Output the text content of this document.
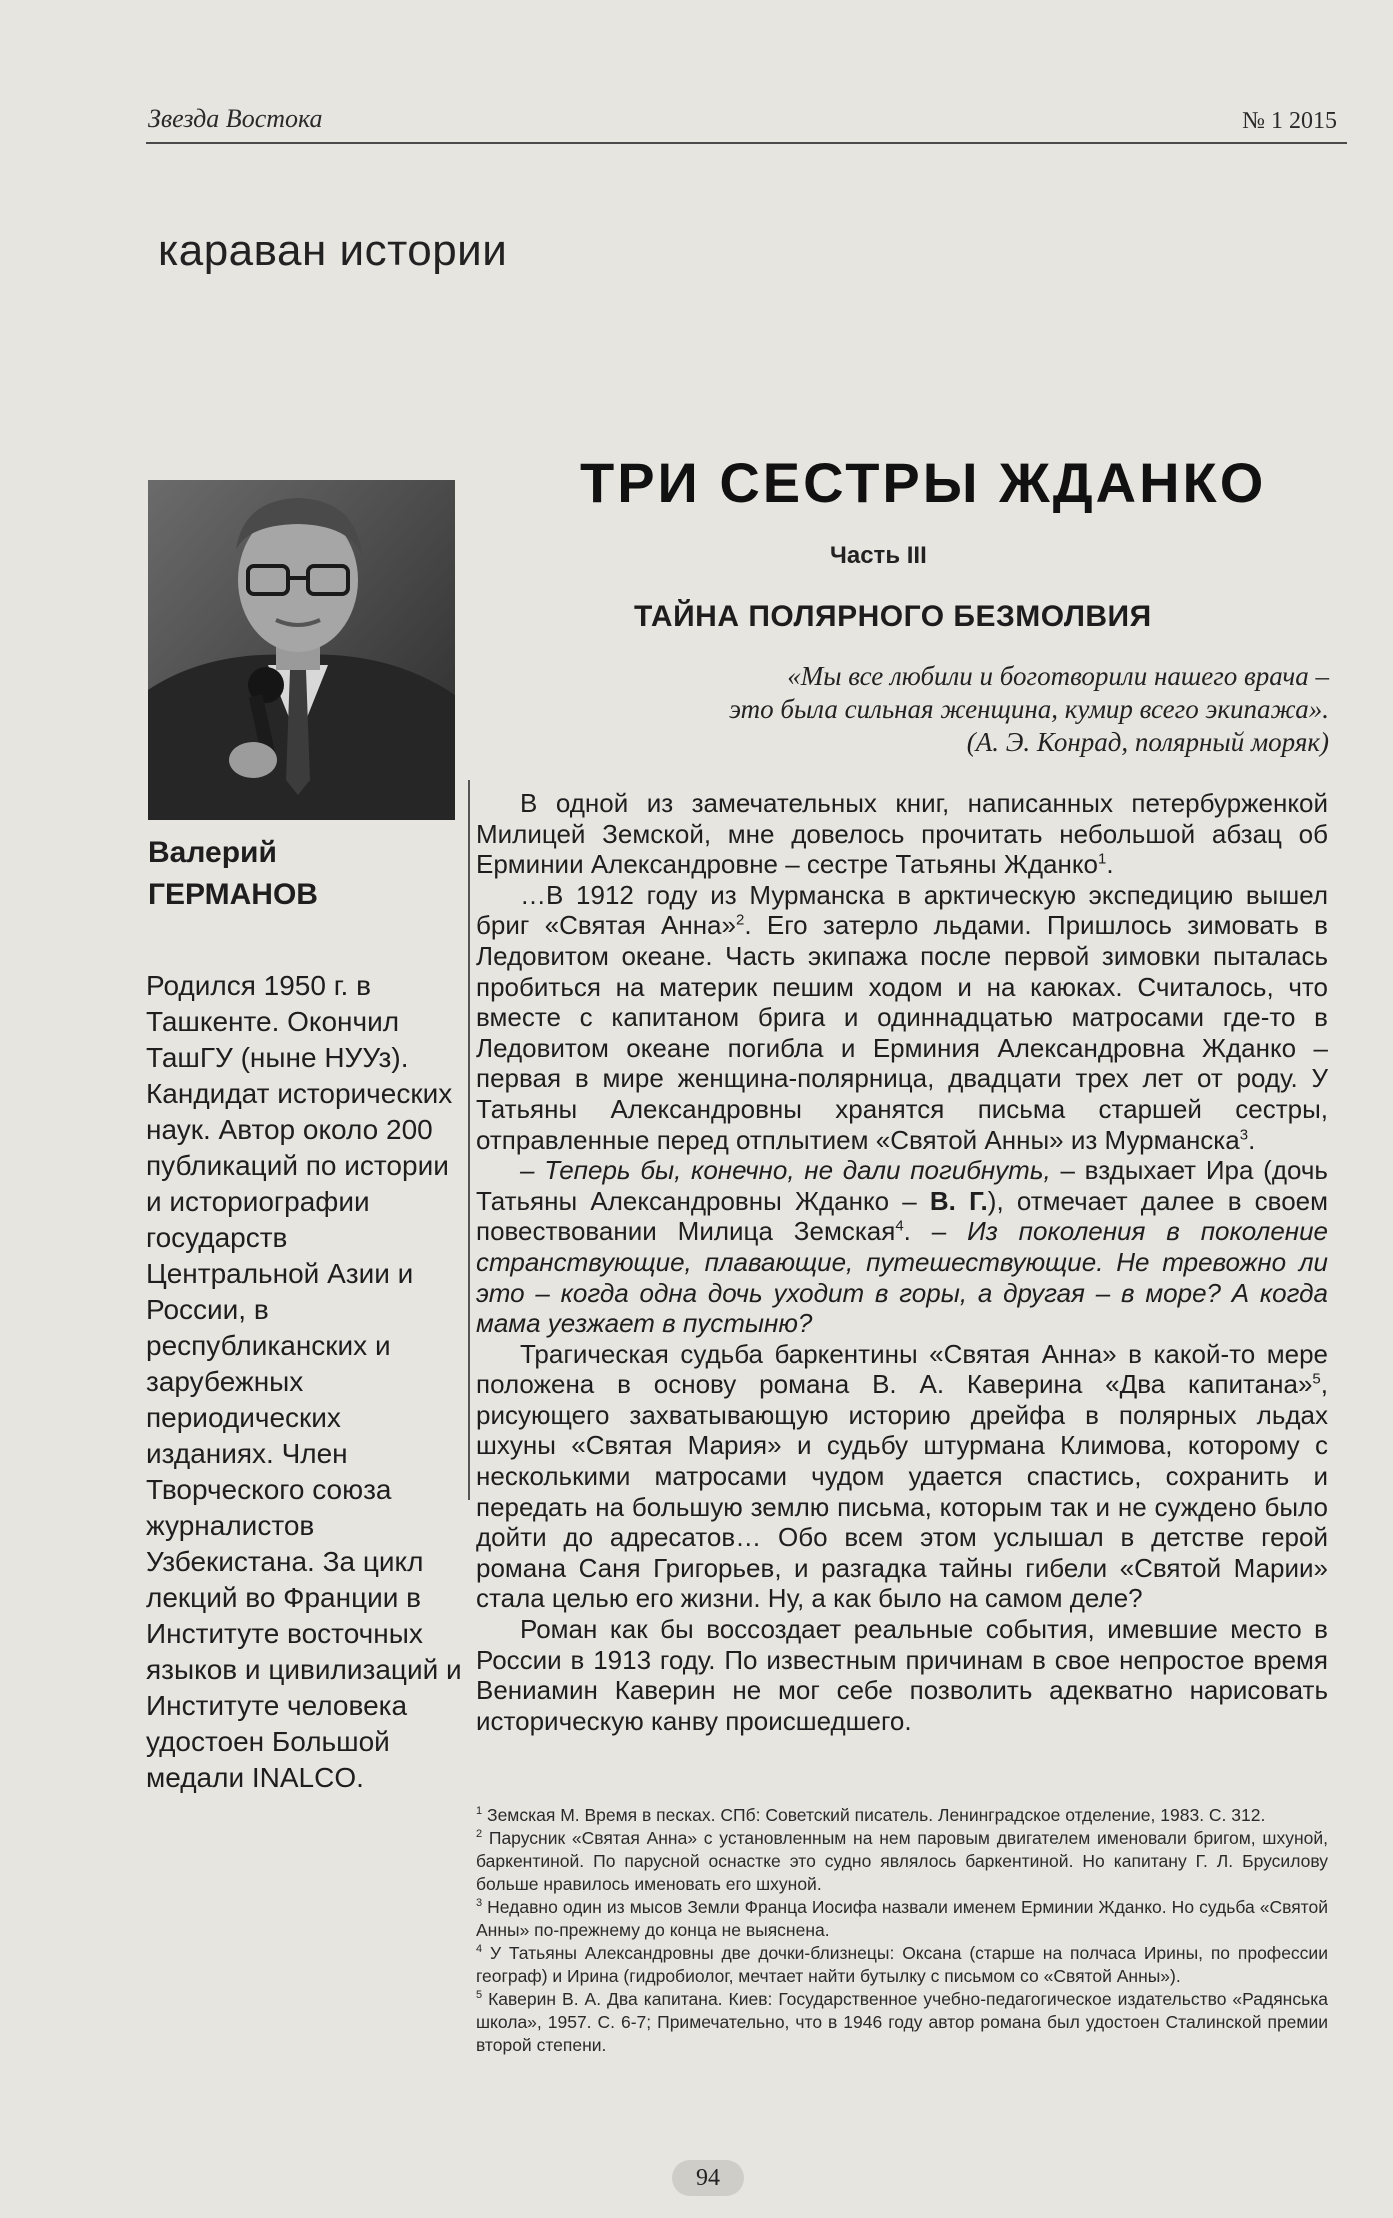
Звезда Востока	№ 1 2015
караван истории
Валерий
ГЕРМАНОВ
Родился 1950 г. в Ташкенте. Окончил ТашГУ (ныне НУУз). Кандидат исторических наук. Автор около 200 публикаций по истории и историографии государств Центральной Азии и России, в республиканских и зарубежных периодических изданиях. Член Творческого союза журналистов Узбекистана. За цикл лекций во Франции в Институте восточных языков и цивилизаций и Институте человека удостоен Большой медали INALCO.
ТРИ СЕСТРЫ ЖДАНКО
Часть III
ТАЙНА ПОЛЯРНОГО БЕЗМОЛВИЯ
«Мы все любили и боготворили нашего врача –
это была сильная женщина, кумир всего экипажа».
(А. Э. Конрад, полярный моряк)

В одной из замечательных книг, написанных петербурженкой Милицей Земской, мне довелось прочитать небольшой абзац об Ерминии Александровне – сестре Татьяны Жданко$^1$.

…В 1912 году из Мурманска в арктическую экспедицию вышел бриг «Святая Анна»$^2$. Его затерло льдами. Пришлось зимовать в Ледовитом океане. Часть экипажа после первой зимовки пыталась пробиться на материк пешим ходом и на каюках. Считалось, что вместе с капитаном брига и одиннадцатью матросами где-то в Ледовитом океане погибла и Ерминия Александровна Жданко – первая в мире женщина-полярница, двадцати трех лет от роду. У Татьяны Александровны хранятся письма старшей сестры, отправленные перед отплытием «Святой Анны» из Мурманска$^3$.

– Теперь бы, конечно, не дали погибнуть, – вздыхает Ира (дочь Татьяны Александровны Жданко – В. Г.), отмечает далее в своем повествовании Милица Земская$^4$. – Из поколения в поколение странствующие, плавающие, путешествующие. Не тревожно ли это – когда одна дочь уходит в горы, а другая – в море? А когда мама уезжает в пустыню?

Трагическая судьба баркентины «Святая Анна» в какой-то мере положена в основу романа В. А. Каверина «Два капитана»$^5$, рисующего захватывающую историю дрейфа в полярных льдах шхуны «Святая Мария» и судьбу штурмана Климова, которому с несколькими матросами чудом удается спастись, сохранить и передать на большую землю письма, которым так и не суждено было дойти до адресатов… Обо всем этом услышал в детстве герой романа Саня Григорьев, и разгадка тайны гибели «Святой Марии» стала целью его жизни. Ну, а как было на самом деле?

Роман как бы воссоздает реальные события, имевшие место в России в 1913 году. По известным причинам в свое непростое время Вениамин Каверин не мог себе позволить адекватно нарисовать историческую канву происшедшего.

$^1$ Земская М. Время в песках. СПб: Советский писатель. Ленинградское отделение, 1983. С. 312.

$^2$ Парусник «Святая Анна» с установленным на нем паровым двигателем именовали бригом, шхуной, баркентиной. По парусной оснастке это судно являлось баркентиной. Но капитану Г. Л. Брусилову больше нравилось именовать его шхуной.

$^3$ Недавно один из мысов Земли Франца Иосифа назвали именем Ерминии Жданко. Но судьба «Святой Анны» по-прежнему до конца не выяснена.

$^4$ У Татьяны Александровны две дочки-близнецы: Оксана (старше на полчаса Ирины, по профессии географ) и Ирина (гидробиолог, мечтает найти бутылку с письмом со «Святой Анны»).

$^5$ Каверин В. А. Два капитана. Киев: Государственное учебно-педагогическое издательство «Радянська школа», 1957. С. 6-7; Примечательно, что в 1946 году автор романа был удостоен Сталинской премии второй степени.

94
